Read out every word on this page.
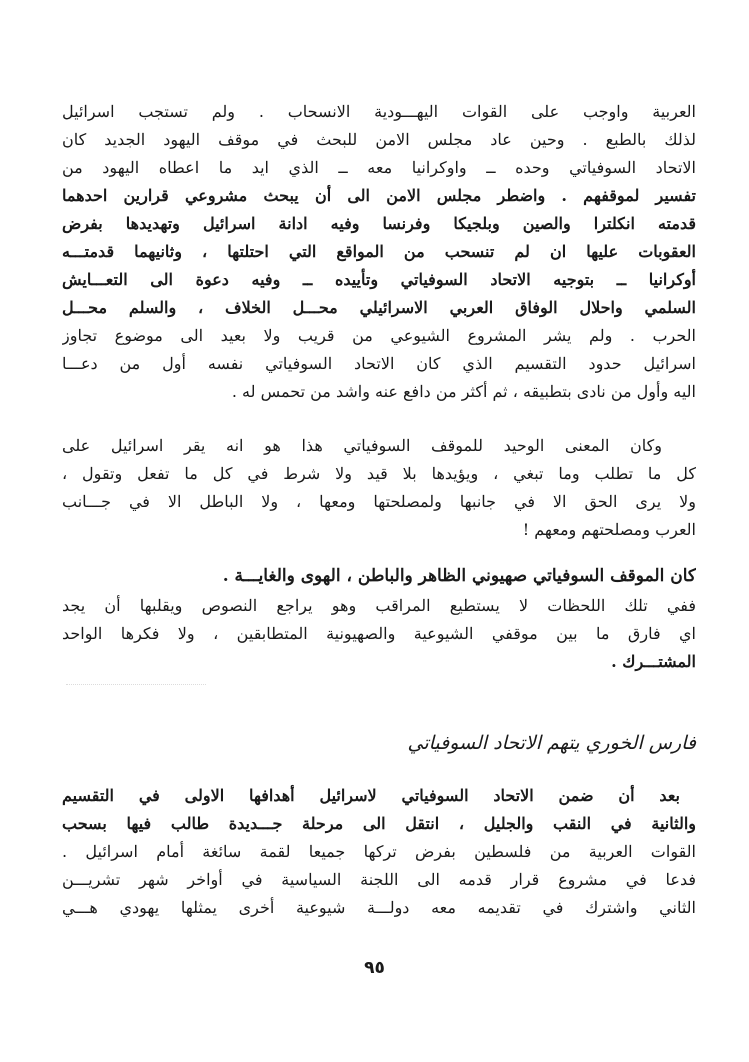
العربية واوجب على القوات اليهـــودية الانسحاب . ولم تستجب اسرائيل
لذلك بالطبع . وحين عاد مجلس الامن للبحث في موقف اليهود الجديد كان
الاتحاد السوفياتي وحده ــ واوكرانيا معه ــ الذي ايد ما اعطاه اليهود من
تفسير لموقفهم . واضطر مجلس الامن الى أن يبحث مشروعي قرارين احدهما
قدمته انكلترا والصين وبلجيكا وفرنسا وفيه ادانة اسرائيل وتهديدها بفرض
العقوبات عليها ان لم تنسحب من المواقع التي احتلتها ، وثانيهما قدمتـــه
أوكرانيا ــ بتوجيه الاتحاد السوفياتي وتأييده ــ وفيه دعوة الى التعـــايش
السلمي واحلال الوفاق العربي الاسرائيلي محـــل الخلاف ، والسلم محـــل
الحرب . ولم يشر المشروع الشيوعي من قريب ولا بعيد الى موضوع تجاوز
اسرائيل حدود التقسيم الذي كان الاتحاد السوفياتي نفسه أول من دعـــا
اليه وأول من نادى بتطبيقه ، ثم أكثر من دافع عنه واشد من تحمس له .
وكان المعنى الوحيد للموقف السوفياتي هذا هو انه يقر اسرائيل على
كل ما تطلب وما تبغي ، ويؤيدها بلا قيد ولا شرط في كل ما تفعل وتقول ،
ولا يرى الحق الا في جانبها ولمصلحتها ومعها ، ولا الباطل الا في جـــانب
العرب ومصلحتهم ومعهم !
كان الموقف السوفياتي صهيوني الظاهر والباطن ، الهوى والغايـــة .
ففي تلك اللحظات لا يستطيع المراقب وهو يراجع النصوص ويقلبها أن يجد
اي فارق ما بين موقفي الشيوعية والصهيونية المتطابقين ، ولا فكرها الواحد
المشتـــرك .
فارس الخوري يتهم الاتحاد السوفياتي
بعد أن ضمن الاتحاد السوفياتي لاسرائيل أهدافها الاولى في التقسيم
والثانية في النقب والجليل ، انتقل الى مرحلة جـــديدة طالب فيها بسحب
القوات العربية من فلسطين بفرض تركها جميعا لقمة سائغة أمام اسرائيل .
فدعا في مشروع قرار قدمه الى اللجنة السياسية في أواخر شهر تشريـــن
الثاني واشترك في تقديمه معه دولـــة شيوعية أخرى يمثلها يهودي هـــي
٩٥
